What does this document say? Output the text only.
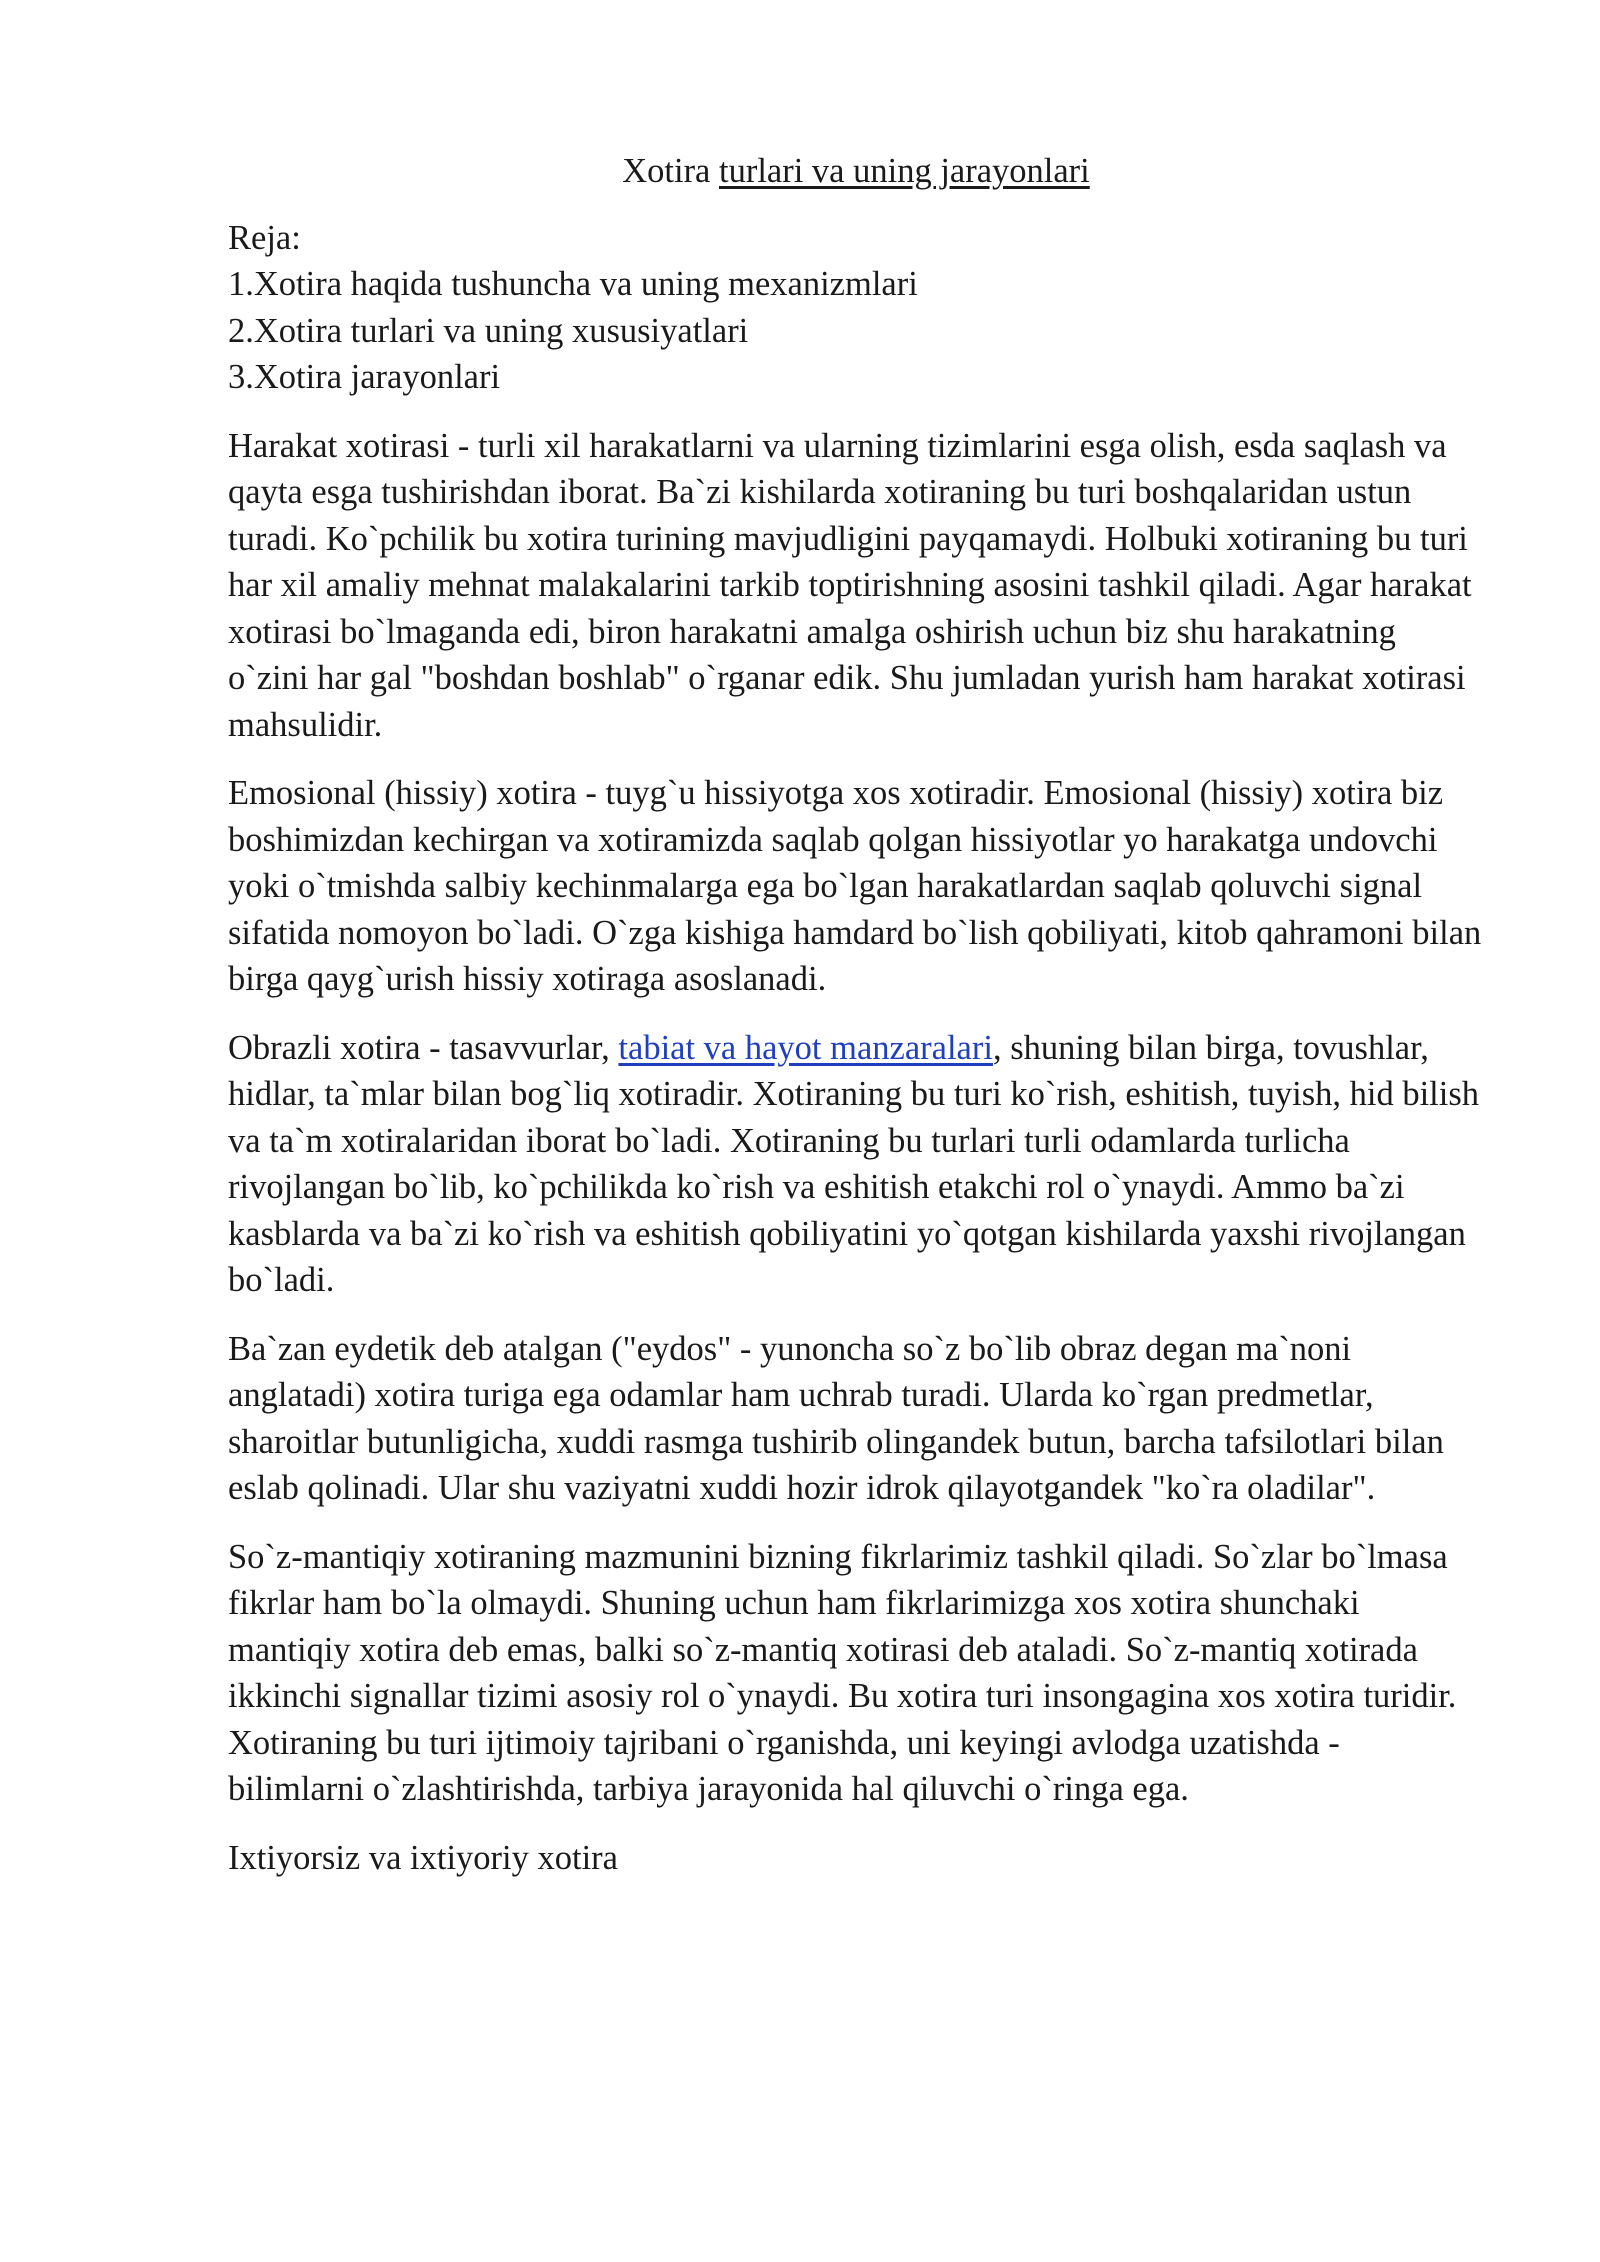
Xotira turlari va uning jarayonlari
Reja:
1.Xotira haqida tushuncha va uning mexanizmlari
2.Xotira turlari va uning xususiyatlari
3.Xotira jarayonlari

Harakat xotirasi - turli xil harakatlarni va ularning tizimlarini esga olish, esda saqlash va qayta esga tushirishdan iborat. Ba`zi kishilarda xotiraning bu turi boshqalaridan ustun turadi. Ko`pchilik bu xotira turining mavjudligini payqamaydi. Holbuki xotiraning bu turi har xil amaliy mehnat malakalarini tarkib toptirishning asosini tashkil qiladi. Agar harakat xotirasi bo`lmaganda edi, biron harakatni amalga oshirish uchun biz shu harakatning o`zini har gal "boshdan boshlab" o`rganar edik. Shu jumladan yurish ham harakat xotirasi mahsulidir.

Emosional (hissiy) xotira - tuyg`u hissiyotga xos xotiradir. Emosional (hissiy) xotira biz boshimizdan kechirgan va xotiramizda saqlab qolgan hissiyotlar yo harakatga undovchi yoki o`tmishda salbiy kechinmalarga ega bo`lgan harakatlardan saqlab qoluvchi signal sifatida nomoyon bo`ladi. O`zga kishiga hamdard bo`lish qobiliyati, kitob qahramoni bilan birga qayg`urish hissiy xotiraga asoslanadi.

Obrazli xotira - tasavvurlar, tabiat va hayot manzaralari, shuning bilan birga, tovushlar, hidlar, ta`mlar bilan bog`liq xotiradir. Xotiraning bu turi ko`rish, eshitish, tuyish, hid bilish va ta`m xotiralaridan iborat bo`ladi. Xotiraning bu turlari turli odamlarda turlicha rivojlangan bo`lib, ko`pchilikda ko`rish va eshitish etakchi rol o`ynaydi. Ammo ba`zi kasblarda va ba`zi ko`rish va eshitish qobiliyatini yo`qotgan kishilarda yaxshi rivojlangan bo`ladi.

Ba`zan eydetik deb atalgan ("eydos" - yunoncha so`z bo`lib obraz degan ma`noni anglatadi) xotira turiga ega odamlar ham uchrab turadi. Ularda ko`rgan predmetlar, sharoitlar butunligicha, xuddi rasmga tushirib olingandek butun, barcha tafsilotlari bilan eslab qolinadi. Ular shu vaziyatni xuddi hozir idrok qilayotgandek "ko`ra oladilar".

So`z-mantiqiy xotiraning mazmunini bizning fikrlarimiz tashkil qiladi. So`zlar bo`lmasa fikrlar ham bo`la olmaydi. Shuning uchun ham fikrlarimizga xos xotira shunchaki mantiqiy xotira deb emas, balki so`z-mantiq xotirasi deb ataladi. So`z-mantiq xotirada ikkinchi signallar tizimi asosiy rol o`ynaydi. Bu xotira turi insongagina xos xotira turidir. Xotiraning bu turi ijtimoiy tajribani o`rganishda, uni keyingi avlodga uzatishda - bilimlarni o`zlashtirishda, tarbiya jarayonida hal qiluvchi o`ringa ega.

Ixtiyorsiz va ixtiyoriy xotira
